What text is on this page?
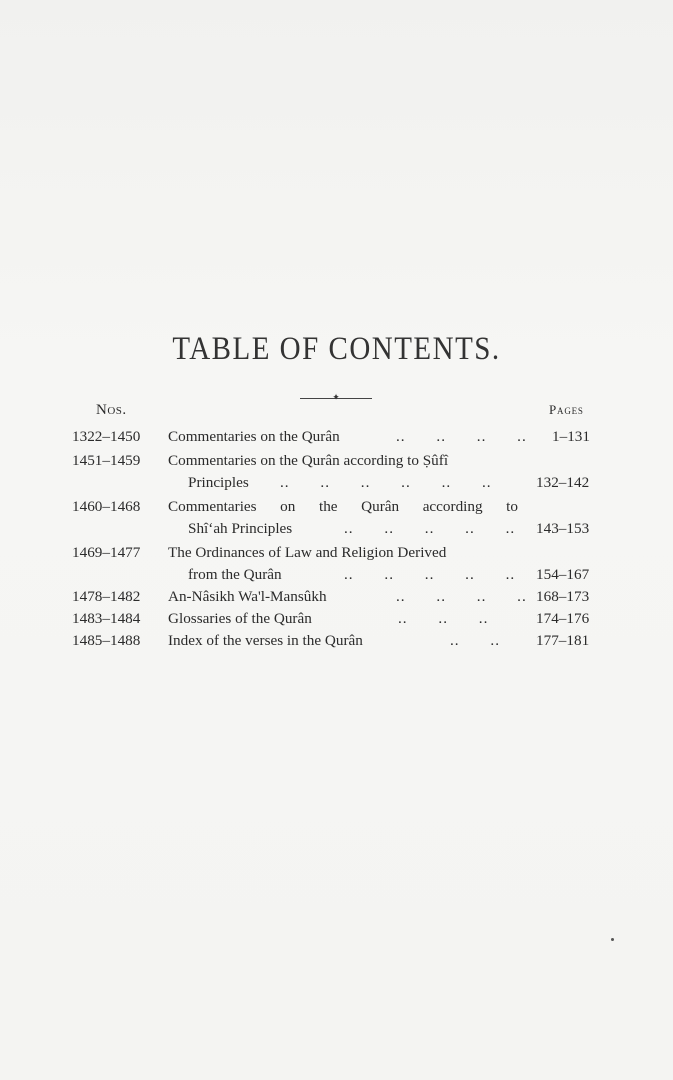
TABLE OF CONTENTS.
✦
Nos.	Pages
1322–1450	Commentaries on the Qurân	.. .. .. .. 1–131
1451–1459	Commentaries on the Qurân according to Ṣûfî
Principles .. .. .. .. .. ..	132–142
1460–1468	Commentaries on the Qurân according to
Shî‘ah Principles	.. .. .. .. .. 143–153
1469–1477	The Ordinances of Law and Religion Derived
from the Qurân	.. .. .. .. .. 154–167
1478–1482	An-Nâsikh Wa'l-Mansûkh	.. .. .. .. 168–173
1483–1484	Glossaries of the Qurân	.. .. ..	174–176
1485–1488	Index of the verses in the Qurân	.. .. 177–181
